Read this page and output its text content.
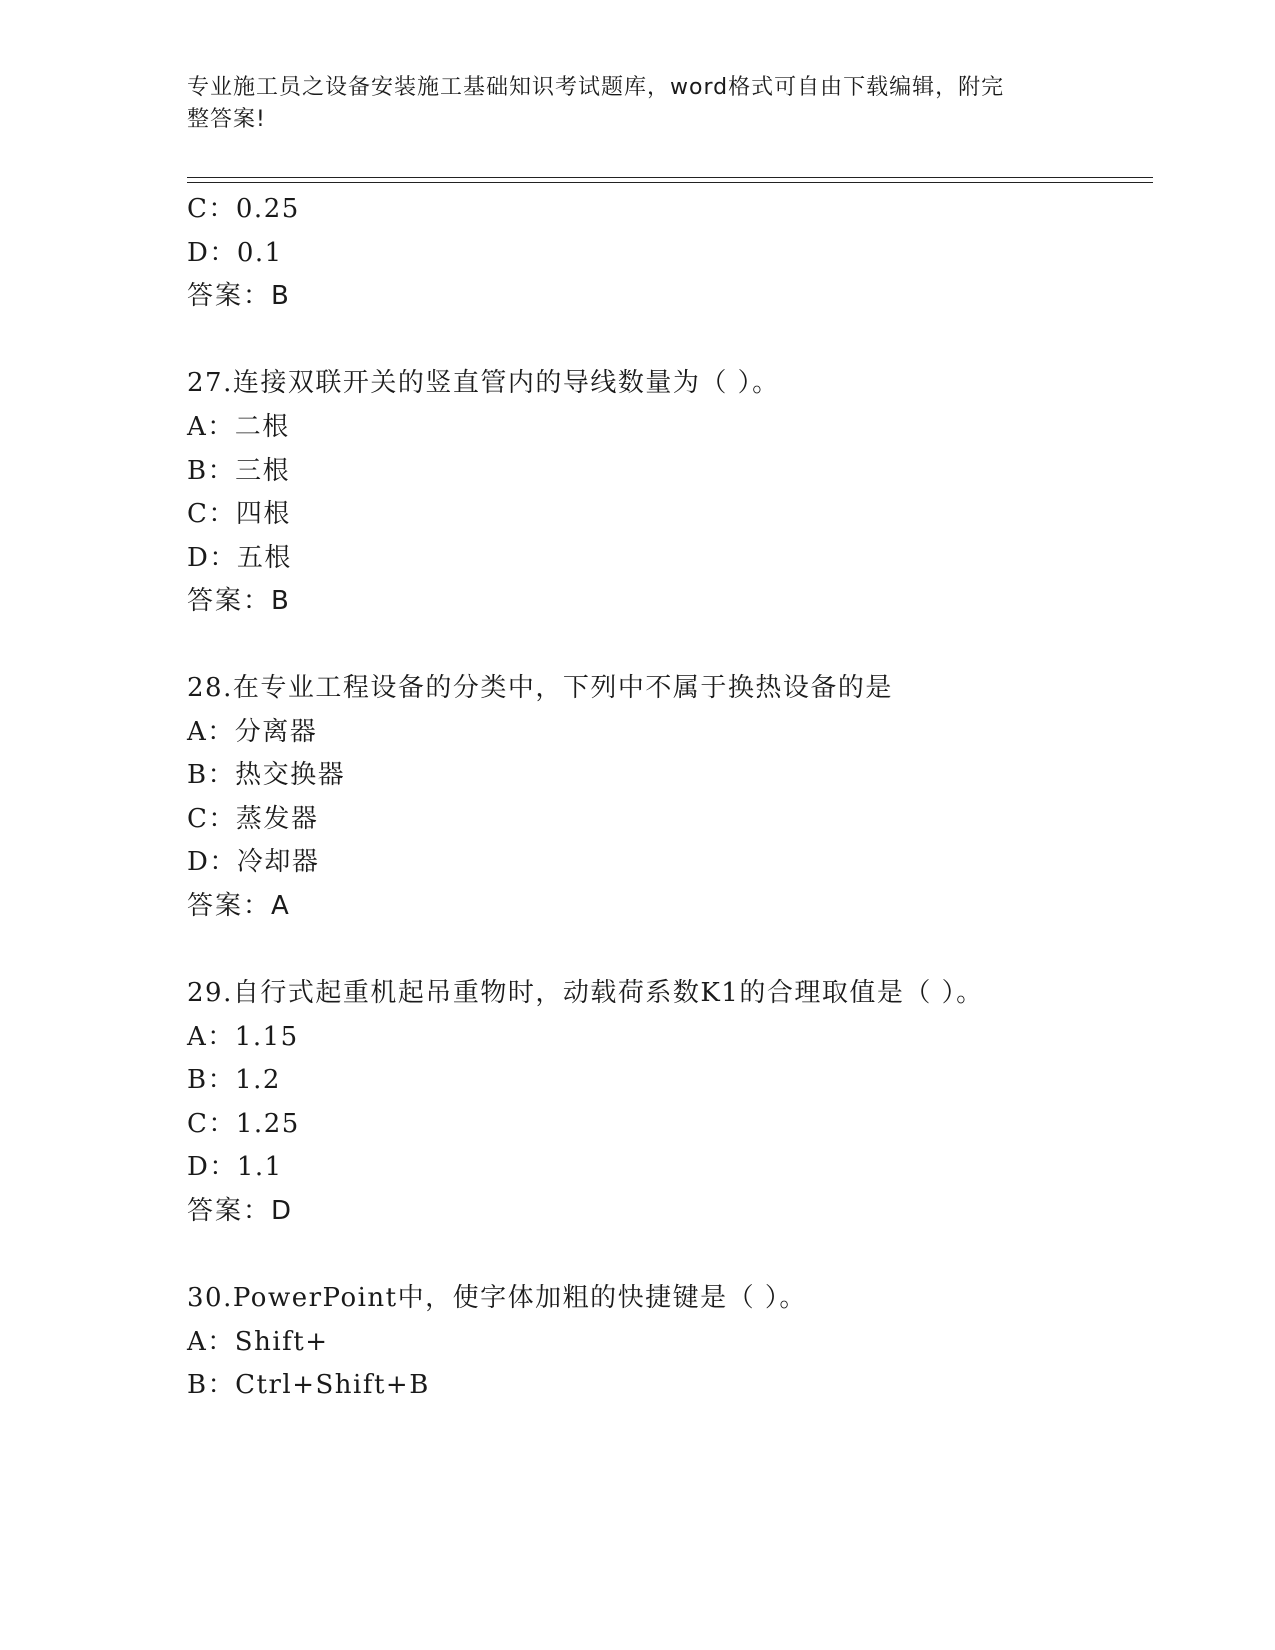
专业施工员之设备安装施工基础知识考试题库，word格式可自由下载编辑，附完
整答案!
C：0.25
D：0.1
答案：B
27.连接双联开关的竖直管内的导线数量为（ ）。
A：二根
B：三根
C：四根
D：五根
答案：B
28.在专业工程设备的分类中，下列中不属于换热设备的是
A：分离器
B：热交换器
C：蒸发器
D：冷却器
答案：A
29.自行式起重机起吊重物时，动载荷系数K1的合理取值是（ ）。
A：1.15
B：1.2
C：1.25
D：1.1
答案：D
30.PowerPoint中，使字体加粗的快捷键是（ ）。
A：Shift+
B：Ctrl+Shift+B
